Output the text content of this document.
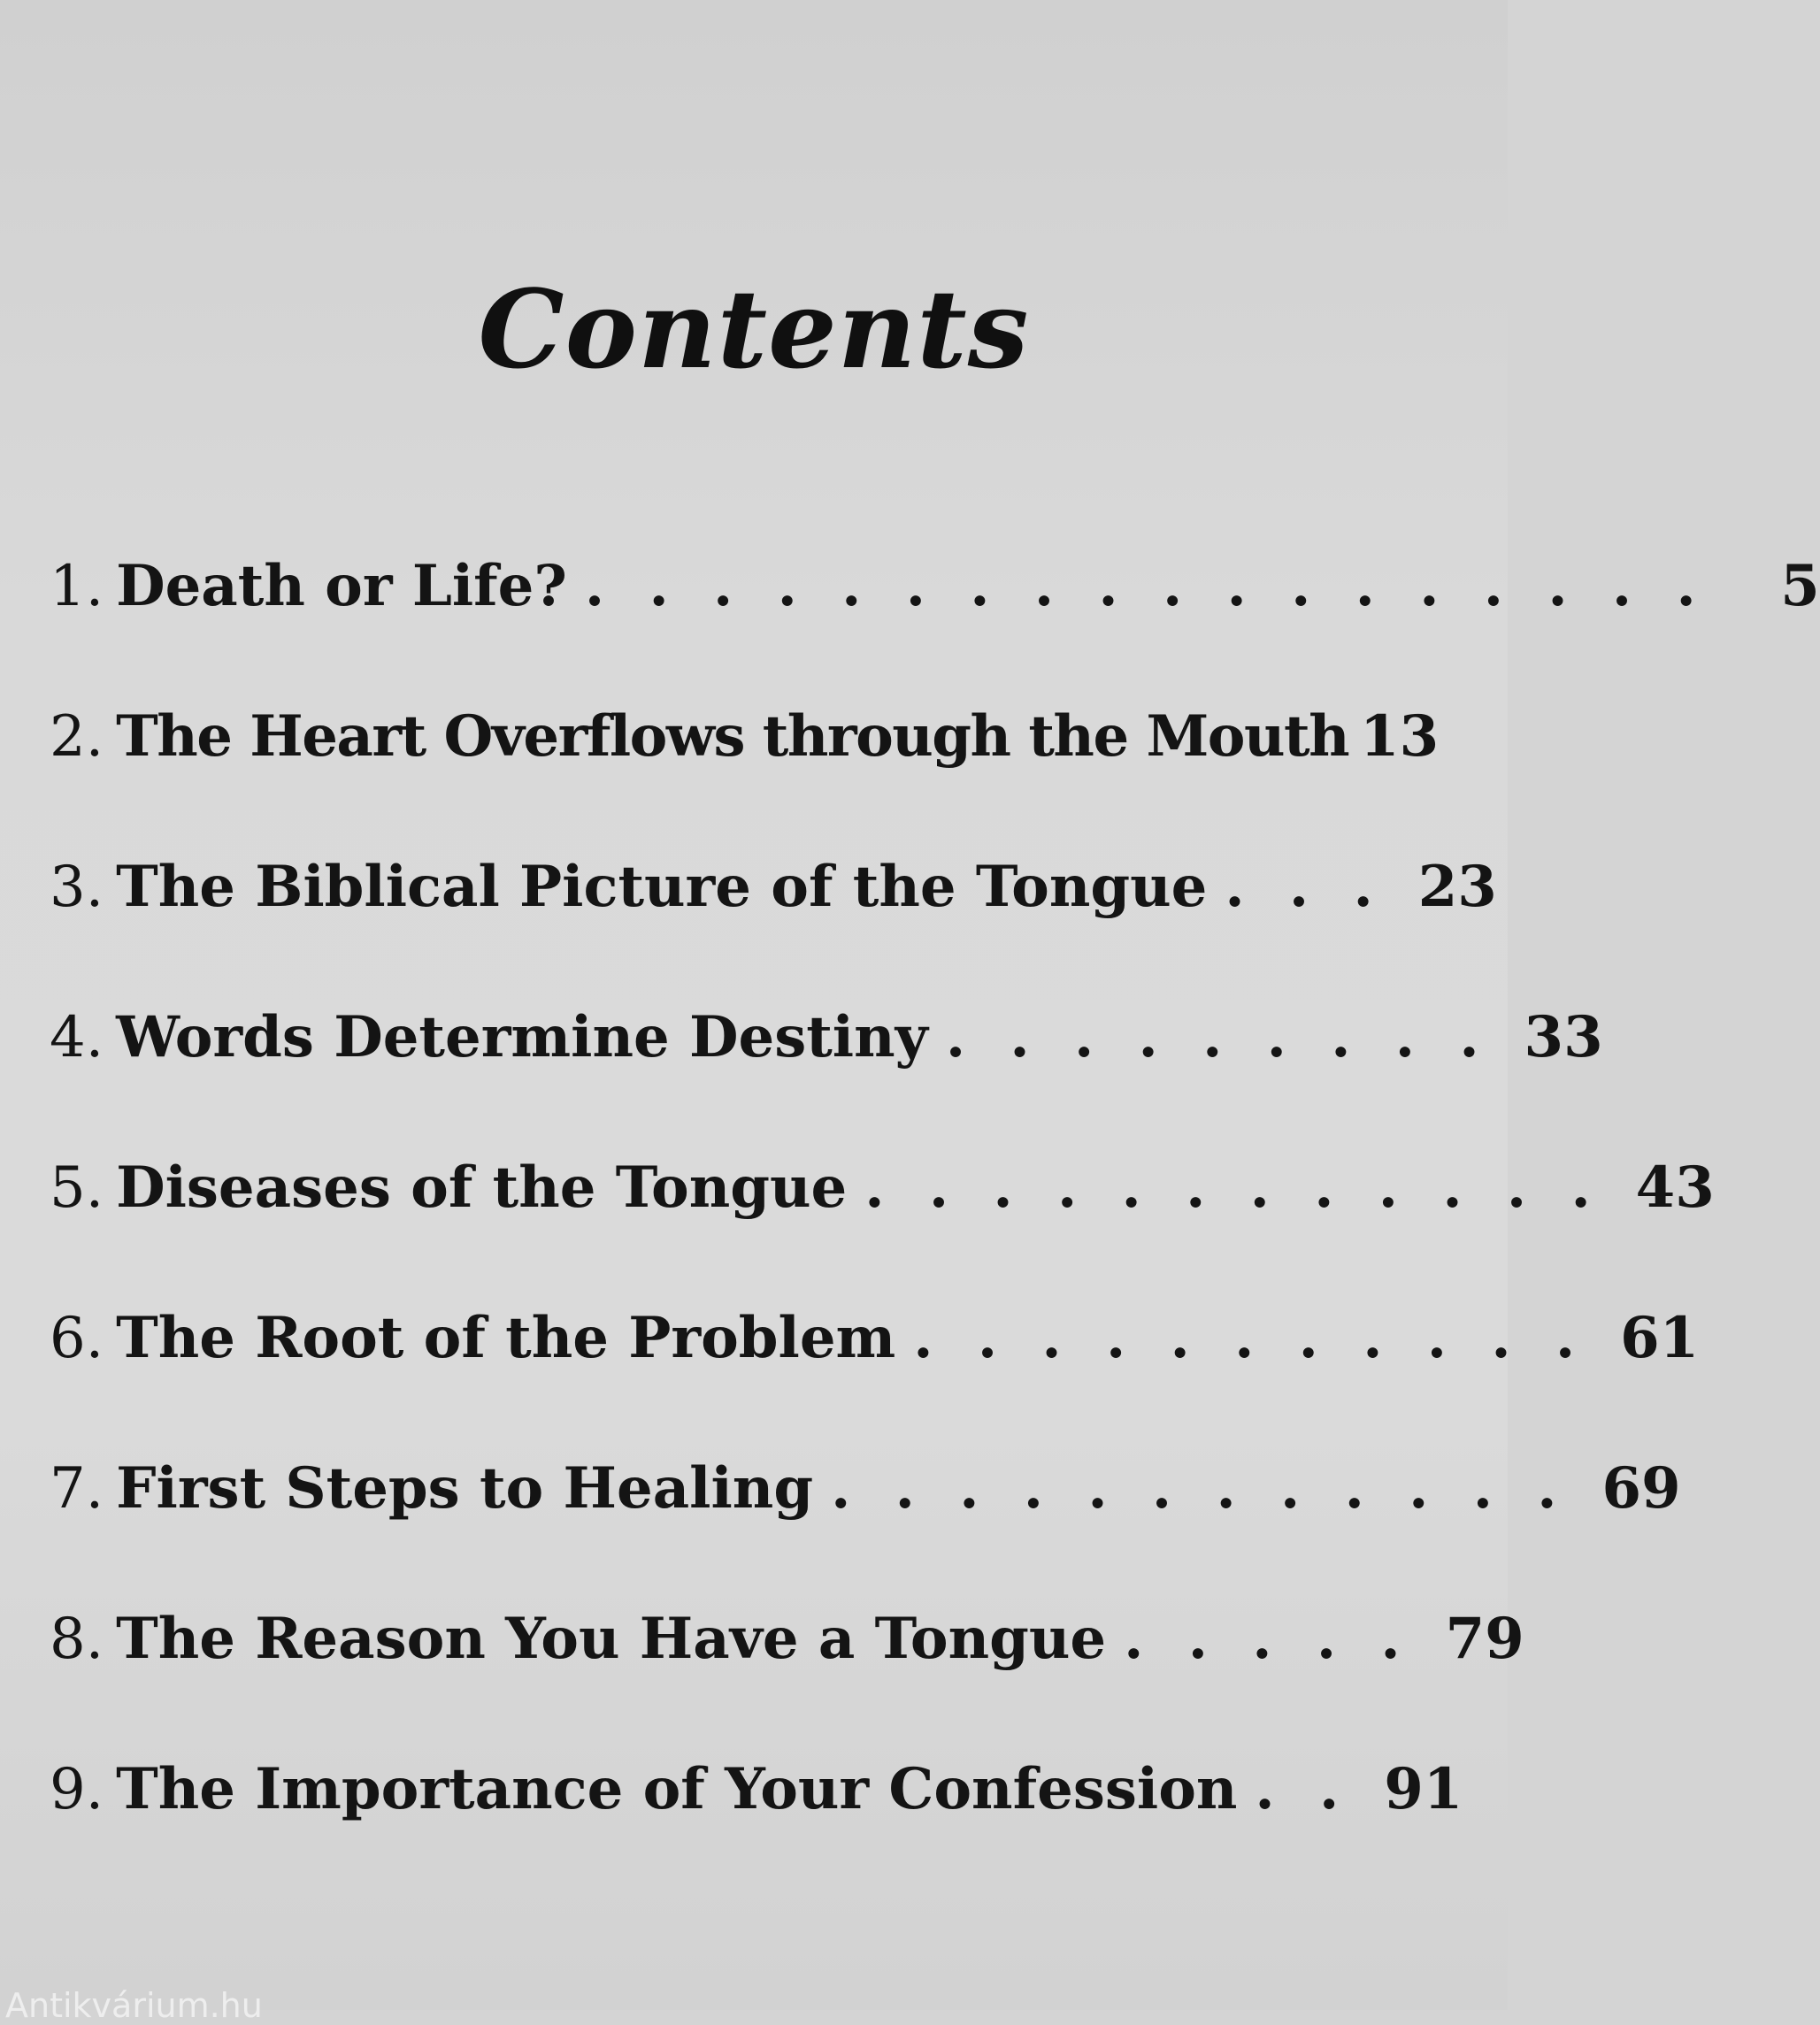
Contents
1. Death or Life? . . . . . . . . . . . . . . . . . .	5
2. The Heart Overflows through the Mouth 13
3. The Biblical Picture of the Tongue . . . 23
4. Words Determine Destiny . . . . . . . . . 33
5. Diseases of the Tongue . . . . . . . . . . . . 43
6. The Root of the Problem . . . . . . . . . . . 61
7. First Steps to Healing . . . . . . . . . . . . 69
8. The Reason You Have a Tongue . . . . . 79
9. The Importance of Your Confession . . 91
Antikvárium.hu
